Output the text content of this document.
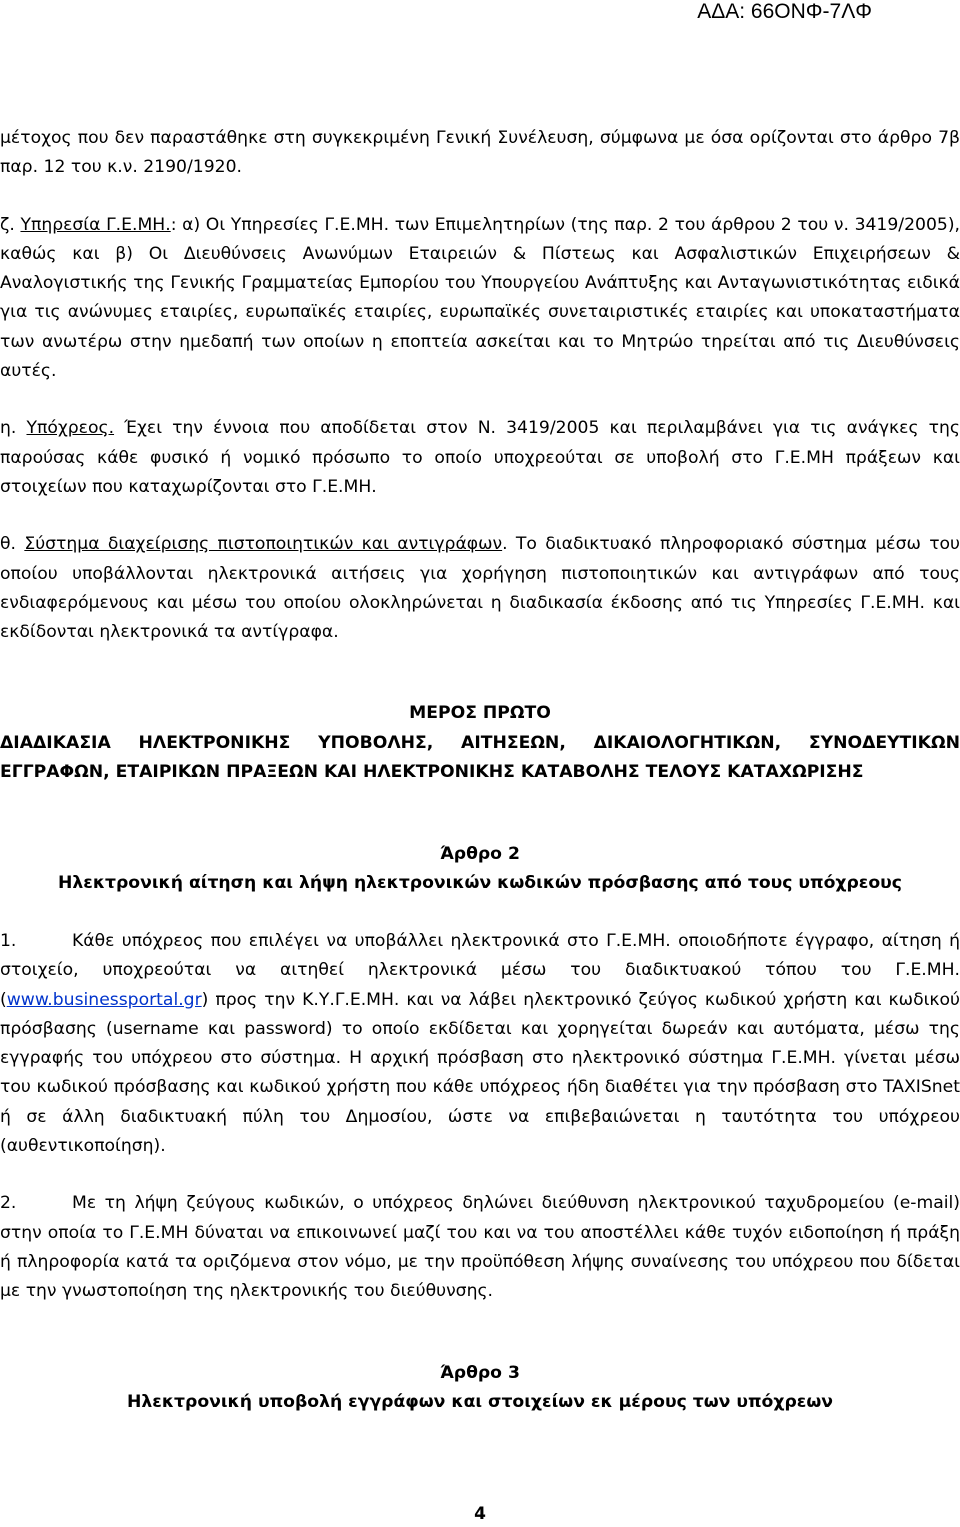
ΑΔΑ: 66ΟΝΦ-7ΛΦ

μέτοχος που δεν παραστάθηκε στη συγκεκριμένη Γενική Συνέλευση, σύμφωνα με όσα ορίζονται στο άρθρο 7β παρ. 12 του κ.ν. 2190/1920.

ζ. Υπηρεσία Γ.Ε.ΜΗ.: α) Οι Υπηρεσίες Γ.Ε.ΜΗ. των Επιμελητηρίων (της παρ. 2 του άρθρου 2 του ν. 3419/2005), καθώς και β) Οι Διευθύνσεις Ανωνύμων Εταιρειών & Πίστεως και Ασφαλιστικών Επιχειρήσεων & Αναλογιστικής της Γενικής Γραμματείας Εμπορίου του Υπουργείου Ανάπτυξης και Ανταγωνιστικότητας ειδικά για τις ανώνυμες εταιρίες, ευρωπαϊκές εταιρίες, ευρωπαϊκές συνεταιριστικές εταιρίες και υποκαταστήματα των ανωτέρω στην ημεδαπή των οποίων η εποπτεία ασκείται και το Μητρώο τηρείται από τις Διευθύνσεις αυτές.

η. Υπόχρεος. Έχει την έννοια που αποδίδεται στον Ν. 3419/2005 και περιλαμβάνει για τις ανάγκες της παρούσας κάθε φυσικό ή νομικό πρόσωπο το οποίο υποχρεούται σε υποβολή στο Γ.Ε.ΜΗ πράξεων και στοιχείων που καταχωρίζονται στο Γ.Ε.ΜΗ.

θ. Σύστημα διαχείρισης πιστοποιητικών και αντιγράφων. Το διαδικτυακό πληροφοριακό σύστημα μέσω του οποίου υποβάλλονται ηλεκτρονικά αιτήσεις για χορήγηση πιστοποιητικών και αντιγράφων από τους ενδιαφερόμενους και μέσω του οποίου ολοκληρώνεται η διαδικασία έκδοσης από τις Υπηρεσίες Γ.Ε.ΜΗ. και εκδίδονται ηλεκτρονικά τα αντίγραφα.

ΜΕΡΟΣ ΠΡΩΤΟ

ΔΙΑΔΙΚΑΣΙΑ ΗΛΕΚΤΡΟΝΙΚΗΣ ΥΠΟΒΟΛΗΣ, ΑΙΤΗΣΕΩΝ, ΔΙΚΑΙΟΛΟΓΗΤΙΚΩΝ, ΣΥΝΟΔΕΥΤΙΚΩΝ ΕΓΓΡΑΦΩΝ, ΕΤΑΙΡΙΚΩΝ ΠΡΑΞΕΩΝ ΚΑΙ ΗΛΕΚΤΡΟΝΙΚΗΣ ΚΑΤΑΒΟΛΗΣ ΤΕΛΟΥΣ ΚΑΤΑΧΩΡΙΣΗΣ

Άρθρο 2

Ηλεκτρονική αίτηση και λήψη ηλεκτρονικών κωδικών πρόσβασης από τους υπόχρεους

1.	Κάθε υπόχρεος που επιλέγει να υποβάλλει ηλεκτρονικά στο Γ.Ε.ΜΗ. οποιοδήποτε έγγραφο, αίτηση ή στοιχείο, υποχρεούται να αιτηθεί ηλεκτρονικά μέσω του διαδικτυακού τόπου του Γ.Ε.ΜΗ.(www.businessportal.gr) προς την Κ.Υ.Γ.Ε.ΜΗ. και να λάβει ηλεκτρονικό ζεύγος κωδικού χρήστη και κωδικού πρόσβασης (username και password) το οποίο εκδίδεται και χορηγείται δωρεάν και αυτόματα, μέσω της εγγραφής του υπόχρεου στο σύστημα. Η αρχική πρόσβαση στο ηλεκτρονικό σύστημα Γ.Ε.ΜΗ. γίνεται μέσω του κωδικού πρόσβασης και κωδικού χρήστη που κάθε υπόχρεος ήδη διαθέτει για την πρόσβαση στο TAXISnet ή σε άλλη διαδικτυακή πύλη του Δημοσίου, ώστε να επιβεβαιώνεται η ταυτότητα του υπόχρεου (αυθεντικοποίηση).

2.	Με τη λήψη ζεύγους κωδικών, ο υπόχρεος δηλώνει διεύθυνση ηλεκτρονικού ταχυδρομείου (e-mail) στην οποία το Γ.Ε.ΜΗ δύναται να επικοινωνεί μαζί του και να του αποστέλλει κάθε τυχόν ειδοποίηση ή πράξη ή πληροφορία κατά τα οριζόμενα στον νόμο, με την προϋπόθεση λήψης συναίνεσης του υπόχρεου που δίδεται με την γνωστοποίηση της ηλεκτρονικής του διεύθυνσης.

Άρθρο 3

Ηλεκτρονική υποβολή εγγράφων και στοιχείων εκ μέρους των υπόχρεων

4
